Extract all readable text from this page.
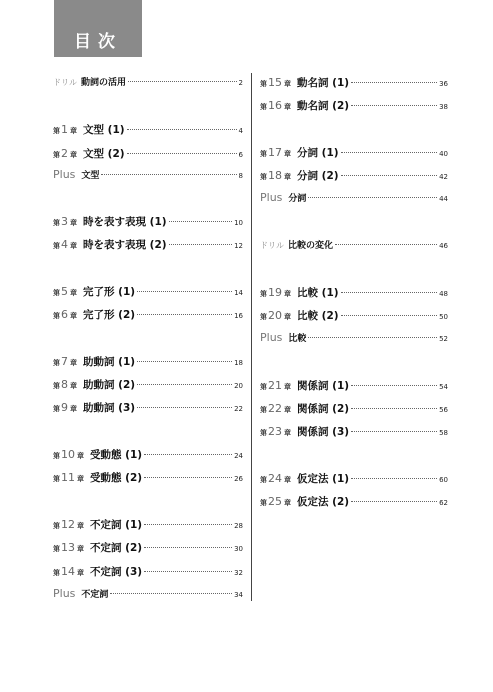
目次
ドリル 動詞の活用	2
第 1 章 文型 (1)	4
第 2 章 文型 (2)	6
Plus 文型	8
第 3 章 時を表す表現 (1)	10
第 4 章 時を表す表現 (2)	12
第 5 章 完了形 (1)	14
第 6 章 完了形 (2)	16
第 7 章 助動詞 (1)	18
第 8 章 助動詞 (2)	20
第 9 章 助動詞 (3)	22
第 10 章 受動態 (1)	24
第 11 章 受動態 (2)	26
第 12 章 不定詞 (1)	28
第 13 章 不定詞 (2)	30
第 14 章 不定詞 (3)	32
Plus 不定詞	34
第 15 章 動名詞 (1)	36
第 16 章 動名詞 (2)	38
第 17 章 分詞 (1)	40
第 18 章 分詞 (2)	42
Plus 分詞	44
ドリル 比較の変化	46
第 19 章 比較 (1)	48
第 20 章 比較 (2)	50
Plus 比較	52
第 21 章 関係詞 (1)	54
第 22 章 関係詞 (2)	56
第 23 章 関係詞 (3)	58
第 24 章 仮定法 (1)	60
第 25 章 仮定法 (2)	62
